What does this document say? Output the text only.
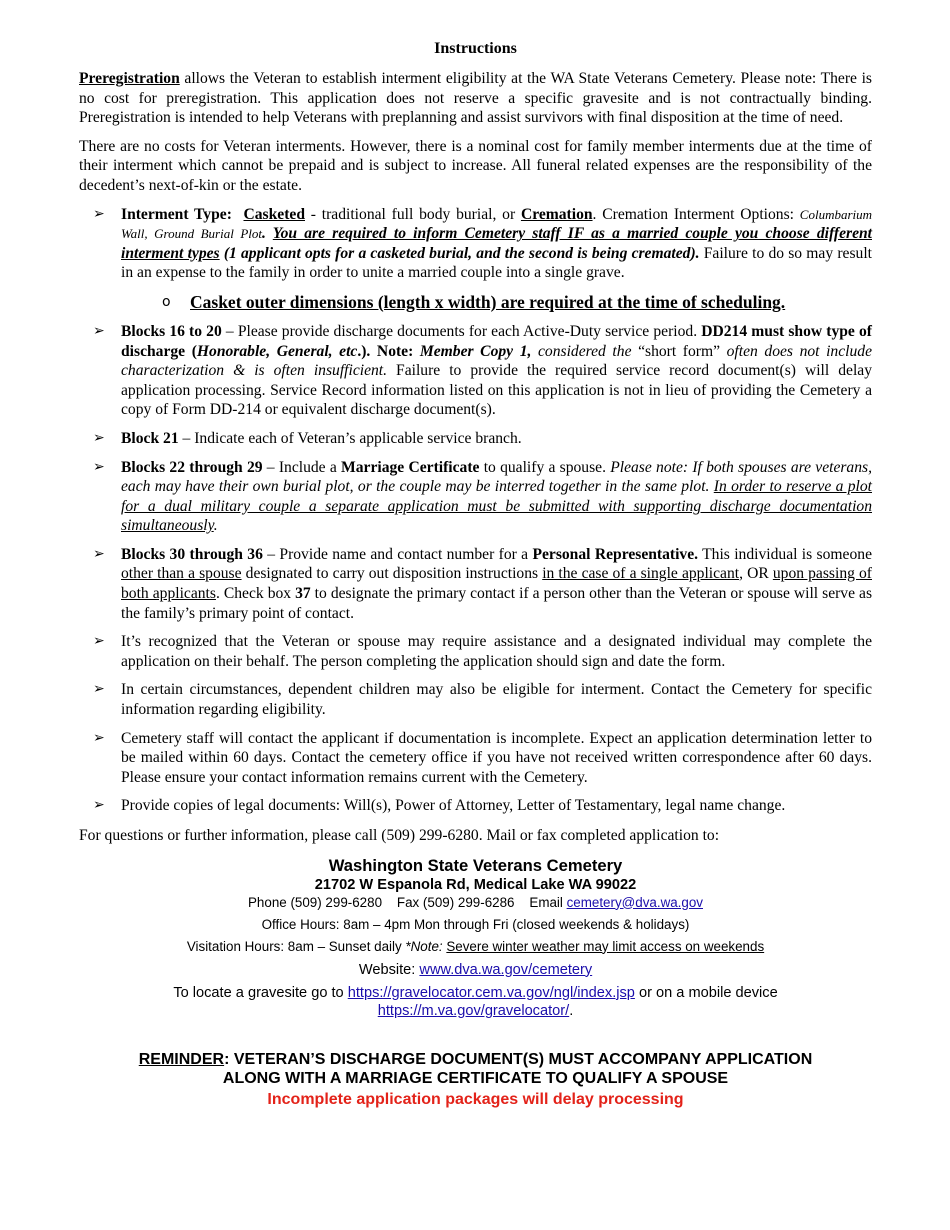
Instructions

Preregistration allows the Veteran to establish interment eligibility at the WA State Veterans Cemetery. Please note: There is no cost for preregistration. This application does not reserve a specific gravesite and is not contractually binding. Preregistration is intended to help Veterans with preplanning and assist survivors with final disposition at the time of need.

There are no costs for Veteran interments. However, there is a nominal cost for family member interments due at the time of their interment which cannot be prepaid and is subject to increase. All funeral related expenses are the responsibility of the decedent’s next-of-kin or the estate.

➢ Interment Type: Casketed - traditional full body burial, or Cremation. Cremation Interment Options: Columbarium Wall, Ground Burial Plot. You are required to inform Cemetery staff IF as a married couple you choose different interment types (1 applicant opts for a casketed burial, and the second is being cremated). Failure to do so may result in an expense to the family in order to unite a married couple into a single grave.
o Casket outer dimensions (length x width) are required at the time of scheduling.
➢ Blocks 16 to 20 – Please provide discharge documents for each Active-Duty service period. DD214 must show type of discharge (Honorable, General, etc.). Note: Member Copy 1, considered the “short form” often does not include characterization & is often insufficient. Failure to provide the required service record document(s) will delay application processing. Service Record information listed on this application is not in lieu of providing the Cemetery a copy of Form DD-214 or equivalent discharge document(s).
➢ Block 21 – Indicate each of Veteran’s applicable service branch.
➢ Blocks 22 through 29 – Include a Marriage Certificate to qualify a spouse. Please note: If both spouses are veterans, each may have their own burial plot, or the couple may be interred together in the same plot. In order to reserve a plot for a dual military couple a separate application must be submitted with supporting discharge documentation simultaneously.
➢ Blocks 30 through 36 – Provide name and contact number for a Personal Representative. This individual is someone other than a spouse designated to carry out disposition instructions in the case of a single applicant, OR upon passing of both applicants. Check box 37 to designate the primary contact if a person other than the Veteran or spouse will serve as the family’s primary point of contact.
➢ It’s recognized that the Veteran or spouse may require assistance and a designated individual may complete the application on their behalf. The person completing the application should sign and date the form.
➢ In certain circumstances, dependent children may also be eligible for interment. Contact the Cemetery for specific information regarding eligibility.
➢ Cemetery staff will contact the applicant if documentation is incomplete. Expect an application determination letter to be mailed within 60 days. Contact the cemetery office if you have not received written correspondence after 60 days. Please ensure your contact information remains current with the Cemetery.
➢ Provide copies of legal documents: Will(s), Power of Attorney, Letter of Testamentary, legal name change.

For questions or further information, please call (509) 299-6280. Mail or fax completed application to:

Washington State Veterans Cemetery
21702 W Espanola Rd, Medical Lake WA 99022
Phone (509) 299-6280    Fax (509) 299-6286    Email cemetery@dva.wa.gov
Office Hours: 8am – 4pm Mon through Fri (closed weekends & holidays)
Visitation Hours: 8am – Sunset daily *Note: Severe winter weather may limit access on weekends
Website: www.dva.wa.gov/cemetery
To locate a gravesite go to https://gravelocator.cem.va.gov/ngl/index.jsp or on a mobile device
https://m.va.gov/gravelocator/.
REMINDER: VETERAN’S DISCHARGE DOCUMENT(S) MUST ACCOMPANY APPLICATION
ALONG WITH A MARRIAGE CERTIFICATE TO QUALIFY A SPOUSE
Incomplete application packages will delay processing
